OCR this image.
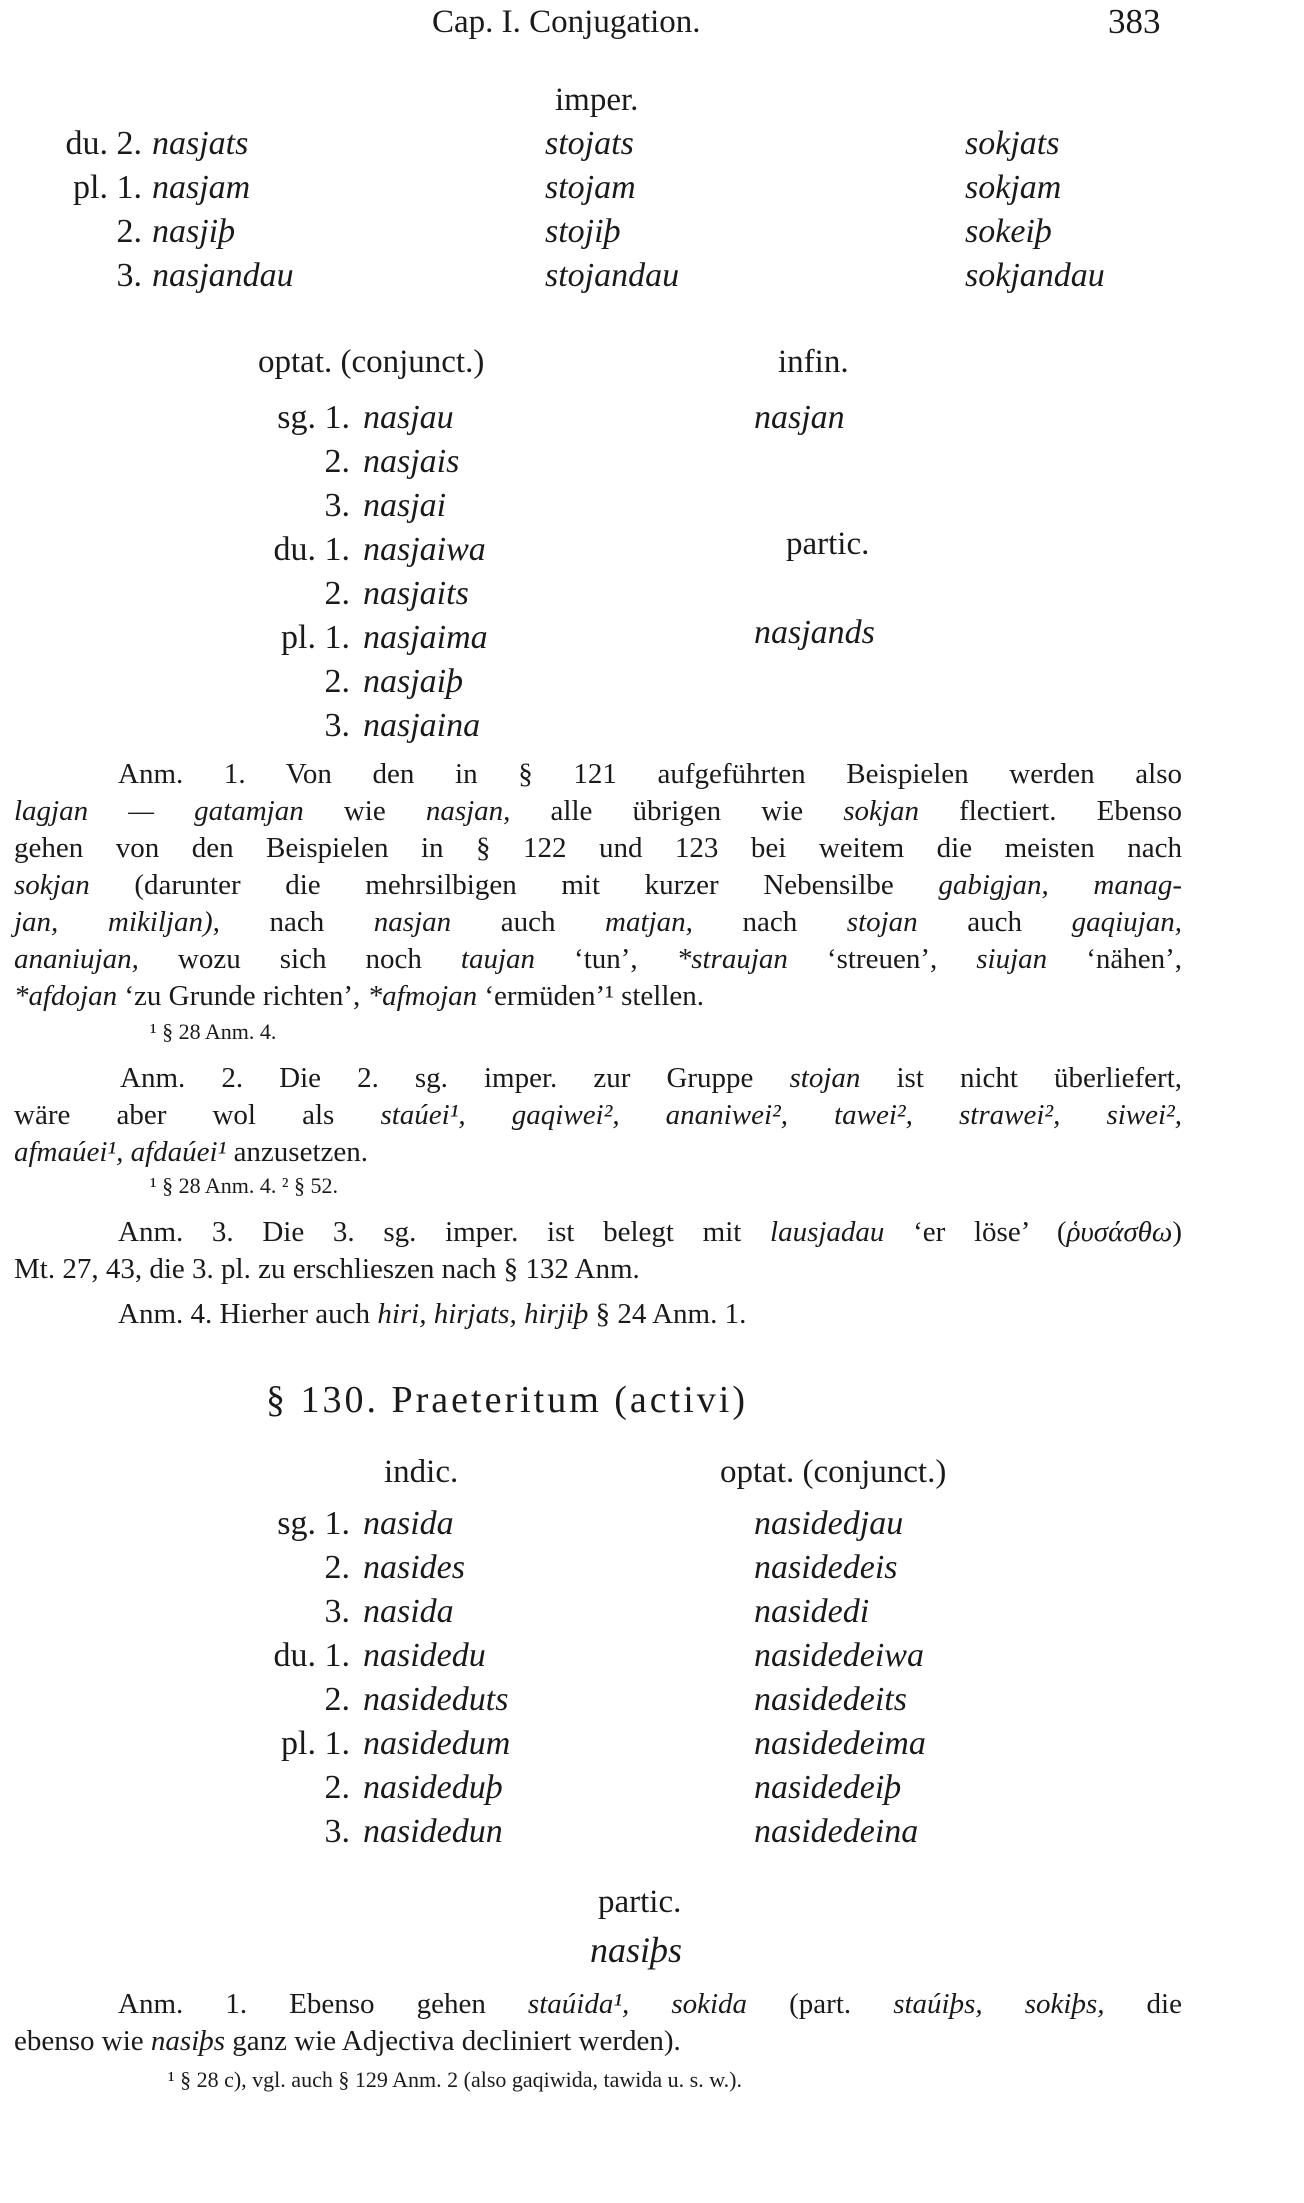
Cap. I. Conjugation.	383
imper.
du. 2. nasjats	stojats	sokjats
pl. 1. nasjam	stojam	sokjam
2. nasjiþ	stojiþ	sokeiþ
3. nasjandau	stojandau	sokjandau
optat. (conjunct.)	infin.
nasjan
partic.
nasjands
sg. 1. nasjau
2. nasjais
3. nasjai
du. 1. nasjaiwa
2. nasjaits
pl. 1. nasjaima
2. nasjaiþ
3. nasjaina
Anm. 1. Von den in § 121 aufgeführten Beispielen werden also
lagjan — gatamjan wie nasjan, alle übrigen wie sokjan flectiert. Ebenso
gehen von den Beispielen in § 122 und 123 bei weitem die meisten nach
sokjan (darunter die mehrsilbigen mit kurzer Nebensilbe gabigjan, manag-
jan, mikiljan), nach nasjan auch matjan, nach stojan auch gaqiujan,
ananiujan, wozu sich noch taujan ‘tun’, *straujan ‘streuen’, siujan ‘nähen’,
*afdojan ‘zu Grunde richten’, *afmojan ‘ermüden’¹ stellen.
¹ § 28 Anm. 4.
Anm. 2. Die 2. sg. imper. zur Gruppe stojan ist nicht überliefert,
wäre aber wol als staúei¹, gaqiwei², ananiwei², tawei², strawei², siwei²,
afmaúei¹, afdaúei¹ anzusetzen.
¹ § 28 Anm. 4. ² § 52.
Anm. 3. Die 3. sg. imper. ist belegt mit lausjadau ‘er löse’ (ῥυσάσθω)
Mt. 27, 43, die 3. pl. zu erschlieszen nach § 132 Anm.
Anm. 4. Hierher auch hiri, hirjats, hirjiþ § 24 Anm. 1.
§ 130. Praeteritum (activi)
indic.	optat. (conjunct.)
sg. 1. nasida	nasidedjau
2. nasides	nasidedeis
3. nasida	nasidedi
du. 1. nasidedu	nasidedeiwa
2. nasideduts	nasidedeits
pl. 1. nasidedum	nasidedeima
2. nasideduþ	nasidedeiþ
3. nasidedun	nasidedeina
partic.
nasiþs
Anm. 1. Ebenso gehen staúida¹, sokida (part. staúiþs, sokiþs, die
ebenso wie nasiþs ganz wie Adjectiva decliniert werden).
¹ § 28 c), vgl. auch § 129 Anm. 2 (also gaqiwida, tawida u. s. w.).
